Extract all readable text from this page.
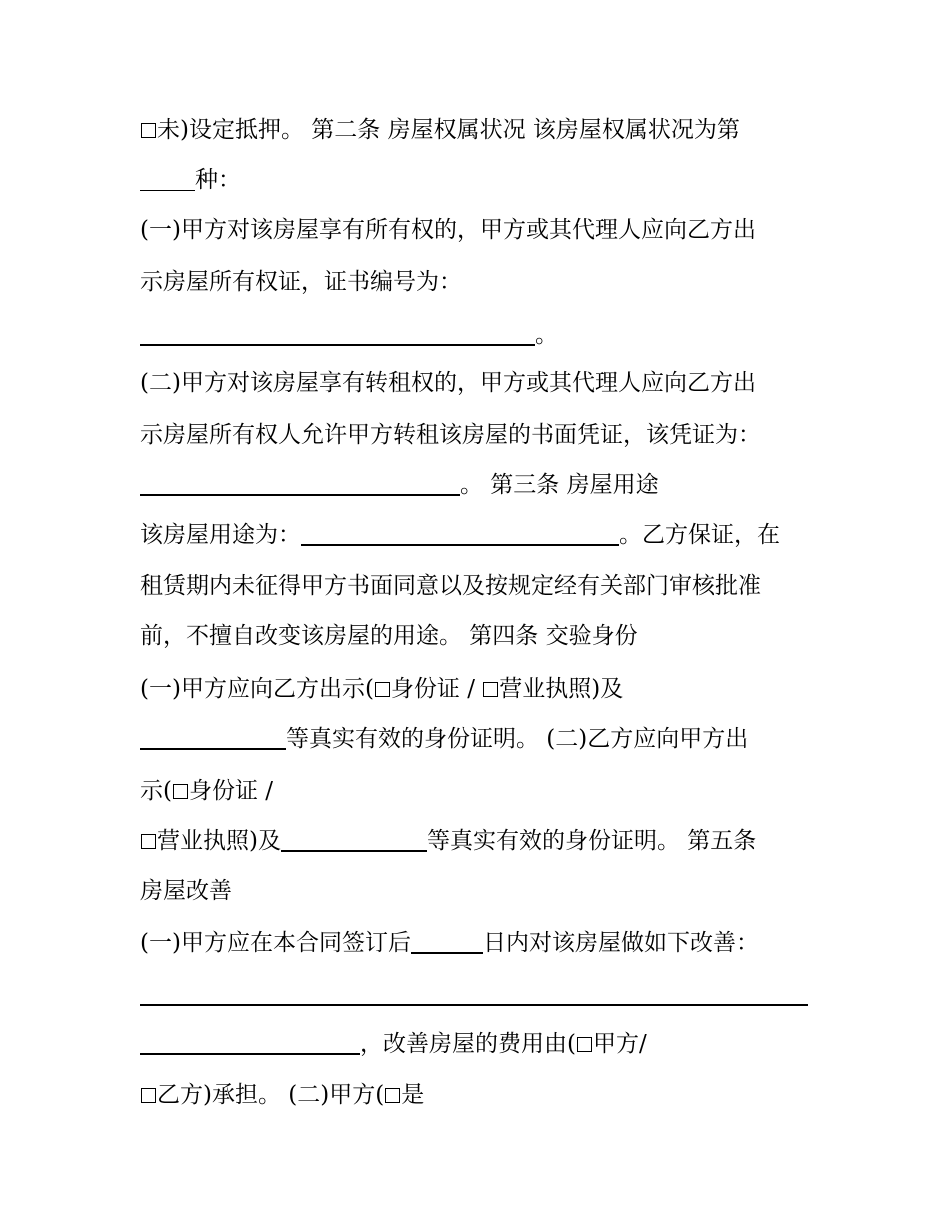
未)设定抵押。 第二条 房屋权属状况 该房屋权属状况为第
种：
(一)甲方对该房屋享有所有权的，甲方或其代理人应向乙方出
示房屋所有权证，证书编号为：
。
(二)甲方对该房屋享有转租权的，甲方或其代理人应向乙方出
示房屋所有权人允许甲方转租该房屋的书面凭证，该凭证为：
。 第三条 房屋用途
该房屋用途为：	。乙方保证，在
租赁期内未征得甲方书面同意以及按规定经有关部门审核批准
前，不擅自改变该房屋的用途。 第四条 交验身份
(一)甲方应向乙方出示( 身份证 / 营业执照)及
等真实有效的身份证明。 (二)乙方应向甲方出
示( 身份证 /
营业执照)及	等真实有效的身份证明。 第五条
房屋改善
(一)甲方应在本合同签订后	日内对该房屋做如下改善：
，改善房屋的费用由( 甲方/
乙方)承担。 (二)甲方( 是
